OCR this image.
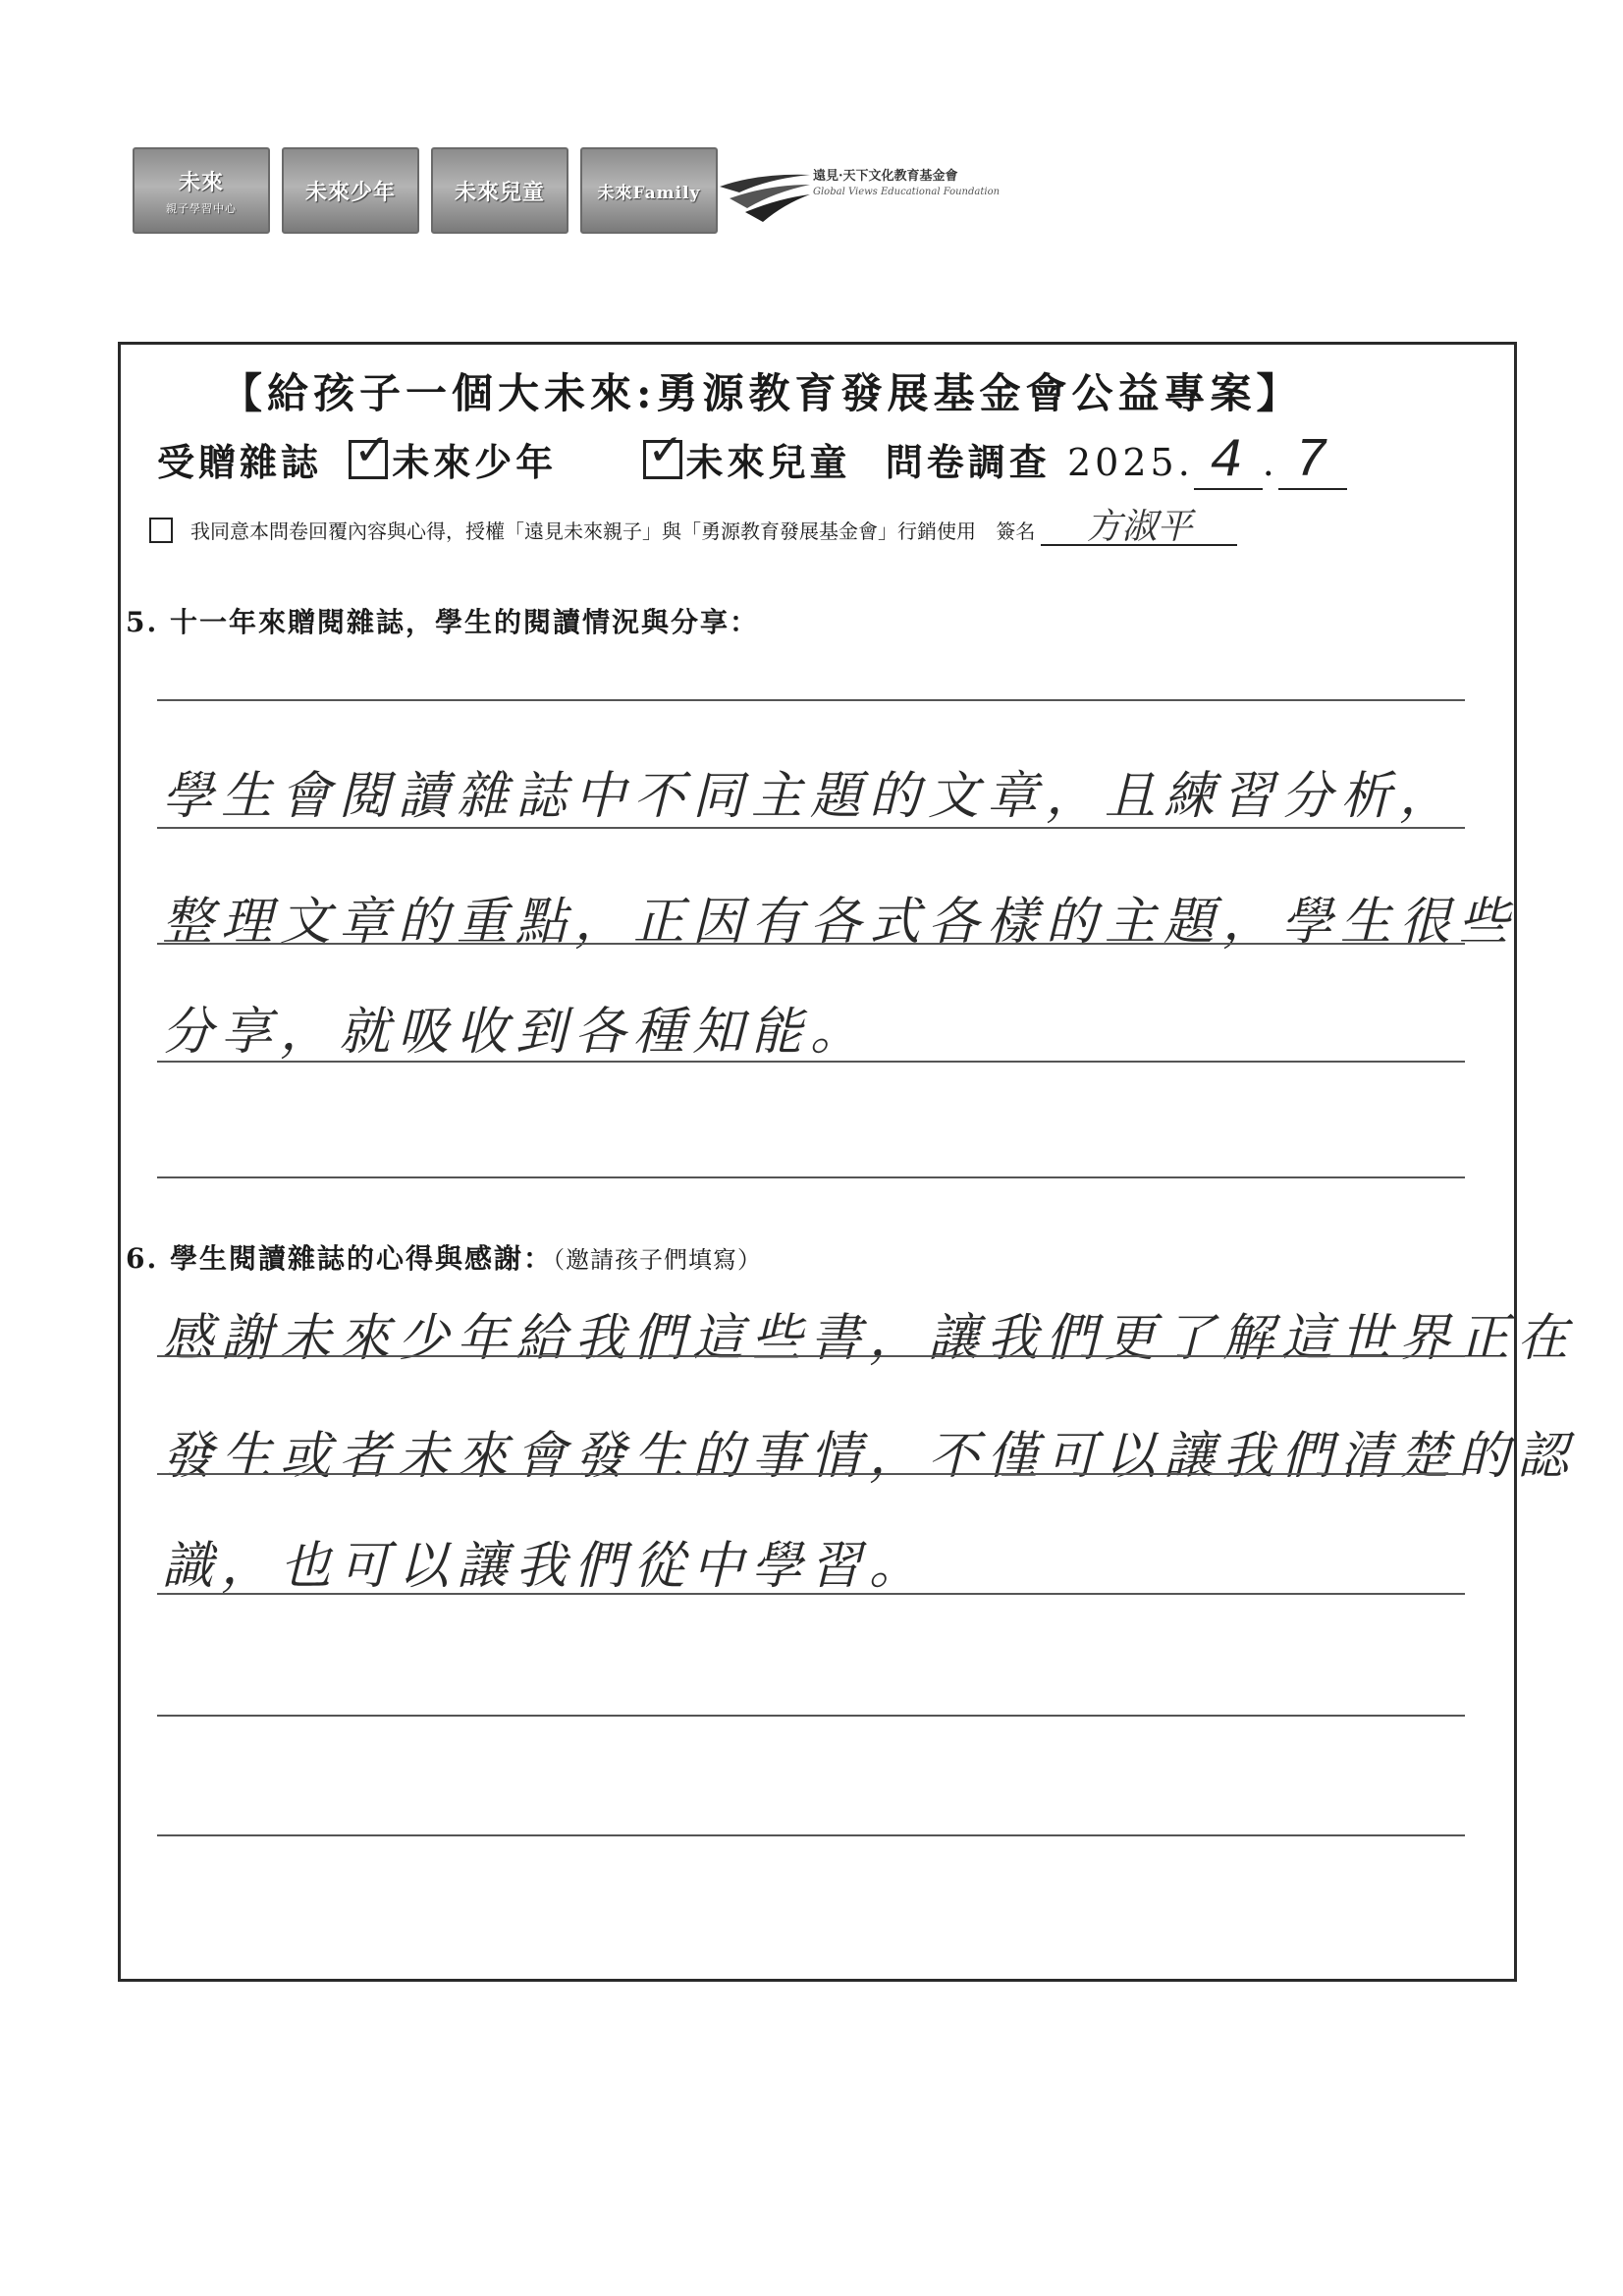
未來
親子學習中心
未來少年	未來兒童	未來Family
遠見·天下文化教育基金會
Global Views Educational Foundation
【給孩子一個大未來:勇源教育發展基金會公益專案】
受贈雜誌 ✓
未來少年 ✓
未來兒童 問卷調查 2025. 4 . 7
我同意本問卷回覆內容與心得，授權「遠見未來親子」與「勇源教育發展基金會」行銷使用 簽名 方淑平
5. 十一年來贈閱雜誌，學生的閱讀情況與分享：
學生會閱讀雜誌中不同主題的文章，且練習分析，
整理文章的重點，正因有各式各樣的主題，學生很些
分享，就吸收到各種知能。
6. 學生閱讀雜誌的心得與感謝：（邀請孩子們填寫）
感謝未來少年給我們這些書，讓我們更了解這世界正在
發生或者未來會發生的事情，不僅可以讓我們清楚的認
識，也可以讓我們從中學習。
